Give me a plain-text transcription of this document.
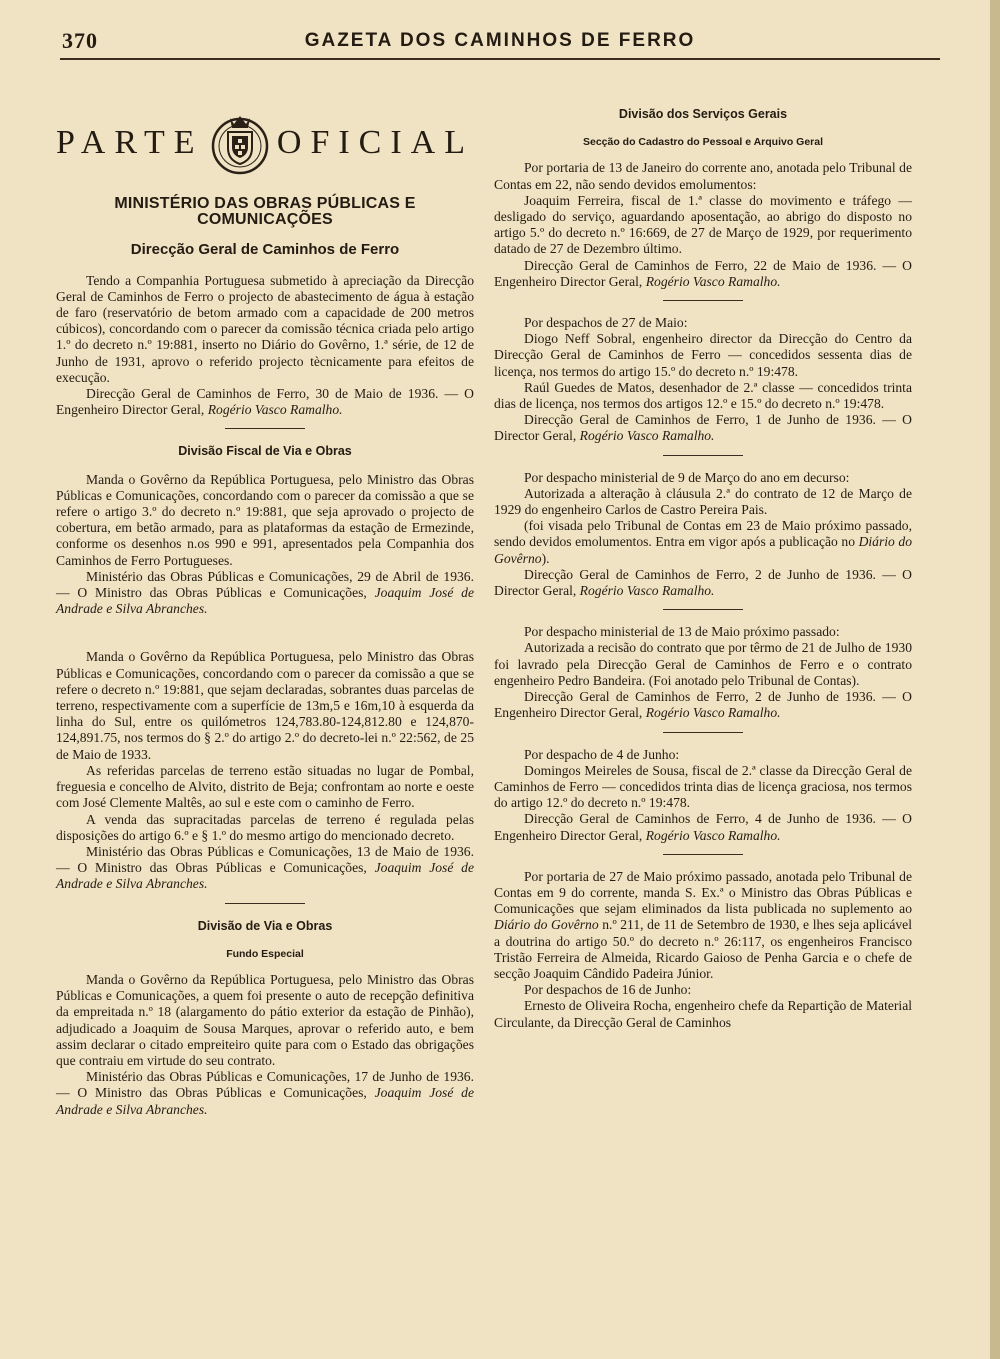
370	GAZETA DOS CAMINHOS DE FERRO
PARTE OFICIAL
MINISTÉRIO DAS OBRAS PÚBLICAS E COMUNICAÇÕES
Direcção Geral de Caminhos de Ferro

Tendo a Companhia Portuguesa submetido à apreciação da Direcção Geral de Caminhos de Ferro o projecto de abastecimento de água à estação de faro (reservatório de betom armado com a capacidade de 200 metros cúbicos), concordando com o parecer da comissão técnica criada pelo artigo 1.º do decreto n.º 19:881, inserto no Diário do Govêrno, 1.ª série, de 12 de Junho de 1931, aprovo o referido projecto tècnicamente para efeitos de execução.

Direcção Geral de Caminhos de Ferro, 30 de Maio de 1936. — O Engenheiro Director Geral, Rogério Vasco Ramalho.

Divisão Fiscal de Via e Obras

Manda o Govêrno da República Portuguesa, pelo Ministro das Obras Públicas e Comunicações, concordando com o parecer da comissão a que se refere o artigo 3.º do decreto n.º 19:881, que seja aprovado o projecto de cobertura, em betão armado, para as plataformas da estação de Ermezinde, conforme os desenhos n.os 990 e 991, apresentados pela Companhia dos Caminhos de Ferro Portugueses.

Ministério das Obras Públicas e Comunicações, 29 de Abril de 1936. — O Ministro das Obras Públicas e Comunicações, Joaquim José de Andrade e Silva Abranches.

Manda o Govêrno da República Portuguesa, pelo Ministro das Obras Públicas e Comunicações, concordando com o parecer da comissão a que se refere o decreto n.º 19:881, que sejam declaradas, sobrantes duas parcelas de terreno, respectivamente com a superfície de 13m,5 e 16m,10 à esquerda da linha do Sul, entre os quilómetros 124,783.80-124,812.80 e 124,870-124,891.75, nos termos do § 2.º do artigo 2.º do decreto-lei n.º 22:562, de 25 de Maio de 1933.

As referidas parcelas de terreno estão situadas no lugar de Pombal, freguesia e concelho de Alvito, distrito de Beja; confrontam ao norte e oeste com José Clemente Maltês, ao sul e este com o caminho de Ferro.

A venda das supracitadas parcelas de terreno é regulada pelas disposições do artigo 6.º e § 1.º do mesmo artigo do mencionado decreto.

Ministério das Obras Públicas e Comunicações, 13 de Maio de 1936. — O Ministro das Obras Públicas e Comunicações, Joaquim José de Andrade e Silva Abranches.

Divisão de Via e Obras
Fundo Especial

Manda o Govêrno da República Portuguesa, pelo Ministro das Obras Públicas e Comunicações, a quem foi presente o auto de recepção definitiva da empreitada n.º 18 (alargamento do pátio exterior da estação de Pinhão), adjudicado a Joaquim de Sousa Marques, aprovar o referido auto, e bem assim declarar o citado empreiteiro quite para com o Estado das obrigações que contraiu em virtude do seu contrato.

Ministério das Obras Públicas e Comunicações, 17 de Junho de 1936. — O Ministro das Obras Públicas e Comunicações, Joaquim José de Andrade e Silva Abranches.

Divisão dos Serviços Gerais
Secção do Cadastro do Pessoal e Arquivo Geral

Por portaria de 13 de Janeiro do corrente ano, anotada pelo Tribunal de Contas em 22, não sendo devidos emolumentos:

Joaquim Ferreira, fiscal de 1.ª classe do movimento e tráfego — desligado do serviço, aguardando aposentação, ao abrigo do disposto no artigo 5.º do decreto n.º 16:669, de 27 de Março de 1929, por requerimento datado de 27 de Dezembro último.

Direcção Geral de Caminhos de Ferro, 22 de Maio de 1936. — O Engenheiro Director Geral, Rogério Vasco Ramalho.

Por despachos de 27 de Maio:

Diogo Neff Sobral, engenheiro director da Direcção do Centro da Direcção Geral de Caminhos de Ferro — concedidos sessenta dias de licença, nos termos do artigo 15.º do decreto n.º 19:478.

Raúl Guedes de Matos, desenhador de 2.ª classe — concedidos trinta dias de licença, nos termos dos artigos 12.º e 15.º do decreto n.º 19:478.

Direcção Geral de Caminhos de Ferro, 1 de Junho de 1936. — O Director Geral, Rogério Vasco Ramalho.

Por despacho ministerial de 9 de Março do ano em decurso:

Autorizada a alteração à cláusula 2.ª do contrato de 12 de Março de 1929 do engenheiro Carlos de Castro Pereira Pais.

(foi visada pelo Tribunal de Contas em 23 de Maio próximo passado, sendo devidos emolumentos. Entra em vigor após a publicação no Diário do Govêrno).

Direcção Geral de Caminhos de Ferro, 2 de Junho de 1936. — O Director Geral, Rogério Vasco Ramalho.

Por despacho ministerial de 13 de Maio próximo passado:

Autorizada a recisão do contrato que por têrmo de 21 de Julho de 1930 foi lavrado pela Direcção Geral de Caminhos de Ferro e o contrato engenheiro Pedro Bandeira. (Foi anotado pelo Tribunal de Contas).

Direcção Geral de Caminhos de Ferro, 2 de Junho de 1936. — O Engenheiro Director Geral, Rogério Vasco Ramalho.

Por despacho de 4 de Junho:

Domingos Meireles de Sousa, fiscal de 2.ª classe da Direcção Geral de Caminhos de Ferro — concedidos trinta dias de licença graciosa, nos termos do artigo 12.º do decreto n.º 19:478.

Direcção Geral de Caminhos de Ferro, 4 de Junho de 1936. — O Engenheiro Director Geral, Rogério Vasco Ramalho.

Por portaria de 27 de Maio próximo passado, anotada pelo Tribunal de Contas em 9 do corrente, manda S. Ex.ª o Ministro das Obras Públicas e Comunicações que sejam eliminados da lista publicada no suplemento ao Diário do Govêrno n.º 211, de 11 de Setembro de 1930, e lhes seja aplicável a doutrina do artigo 50.º do decreto n.º 26:117, os engenheiros Francisco Tristão Ferreira de Almeida, Ricardo Gaioso de Penha Garcia e o chefe de secção Joaquim Cândido Padeira Júnior.

Por despachos de 16 de Junho:

Ernesto de Oliveira Rocha, engenheiro chefe da Repartição de Material Circulante, da Direcção Geral de Caminhos
